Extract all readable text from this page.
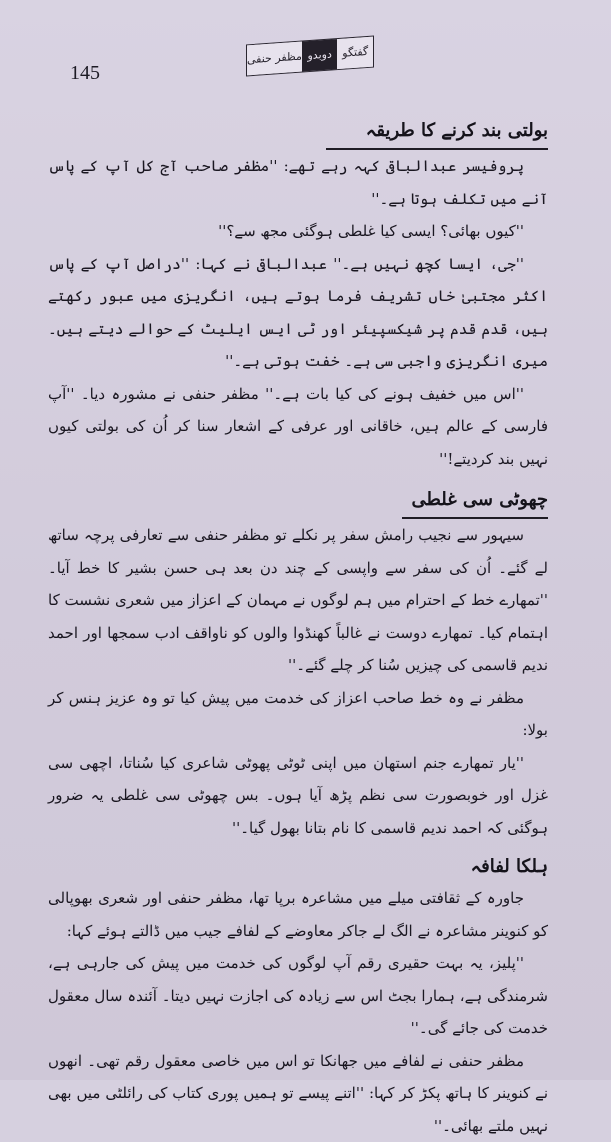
145
گفتگو
دوبدو
مظفر حنفی
بولتی بند کرنے کا طریقہ

پروفیسر عبدالباقی کہہ رہے تھے: ''مظفر صاحب آج کل آپ کے پاس آنے میں تکلف ہوتا ہے۔''

''کیوں بھائی؟ ایسی کیا غلطی ہوگئی مجھ سے؟''

''جی، ایسا کچھ نہیں ہے۔'' عبدالباقی نے کہا: ''دراصل آپ کے پاس اکثر مجتبیٰ خاں تشریف فرما ہوتے ہیں، انگریزی میں عبور رکھتے ہیں، قدم قدم پر شیکسپیئر اور ٹی ایس ایلیٹ کے حوالے دیتے ہیں۔ میری انگریزی واجبی سی ہے۔ خفت ہوتی ہے۔''

''اس میں خفیف ہونے کی کیا بات ہے۔'' مظفر حنفی نے مشورہ دیا۔ ''آپ فارسی کے عالم ہیں، خاقانی اور عرفی کے اشعار سنا کر اُن کی بولتی کیوں نہیں بند کردیتے!''

چھوٹی سی غلطی

سیہور سے نجیب رامش سفر پر نکلے تو مظفر حنفی سے تعارفی پرچہ ساتھ لے گئے۔ اُن کی سفر سے واپسی کے چند دن بعد ہی حسن بشیر کا خط آیا۔ ''تمھارے خط کے احترام میں ہم لوگوں نے مہمان کے اعزاز میں شعری نشست کا اہتمام کیا۔ تمھارے دوست نے غالباً کھنڈوا والوں کو ناواقف ادب سمجھا اور احمد ندیم قاسمی کی چیزیں سُنا کر چلے گئے۔''

مظفر نے وہ خط صاحب اعزاز کی خدمت میں پیش کیا تو وہ عزیز ہنس کر بولا:

''یار تمھارے جنم استھان میں اپنی ٹوٹی پھوٹی شاعری کیا سُناتا، اچھی سی غزل اور خوبصورت سی نظم پڑھ آیا ہوں۔ بس چھوٹی سی غلطی یہ ضرور ہوگئی کہ احمد ندیم قاسمی کا نام بتانا بھول گیا۔''

ہلکا لفافہ

جاورہ کے ثقافتی میلے میں مشاعرہ برپا تھا، مظفر حنفی اور شعری بھوپالی کو کنوینر مشاعرہ نے الگ لے جاکر معاوضے کے لفافے جیب میں ڈالتے ہوئے کہا:

''پلیز، یہ بہت حقیری رقم آپ لوگوں کی خدمت میں پیش کی جارہی ہے، شرمندگی ہے، ہمارا بجٹ اس سے زیادہ کی اجازت نہیں دیتا۔ آئندہ سال معقول خدمت کی جائے گی۔''

مظفر حنفی نے لفافے میں جھانکا تو اس میں خاصی معقول رقم تھی۔ انھوں نے کنوینر کا ہاتھ پکڑ کر کہا: ''اتنے پیسے تو ہمیں پوری کتاب کی رائلٹی میں بھی نہیں ملتے بھائی۔''
